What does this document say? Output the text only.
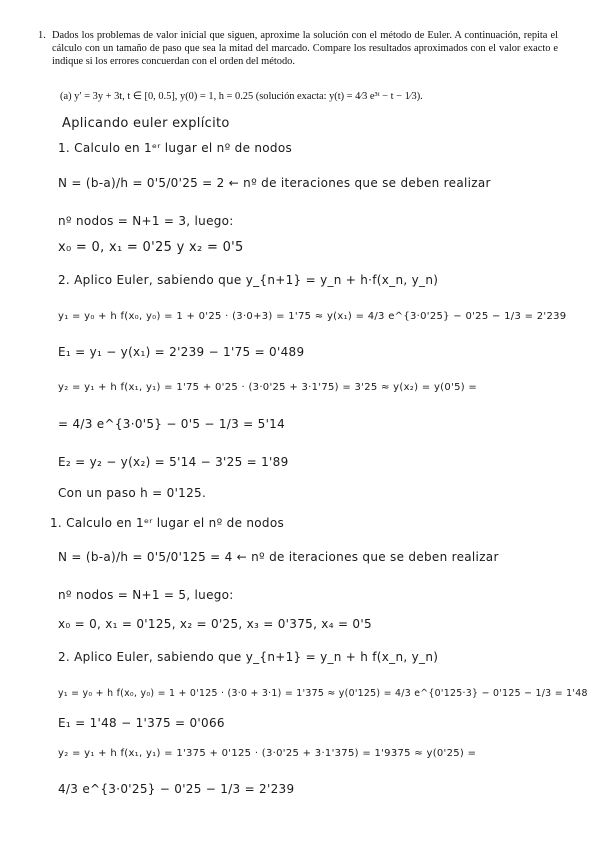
1. Dados los problemas de valor inicial que siguen, aproxime la solución con el método de Euler. A continuación, repita el cálculo con un tamaño de paso que sea la mitad del marcado. Compare los resultados aproximados con el valor exacto e indique si los errores concuerdan con el orden del método.
(a) y′ = 3y + 3t, t ∈ [0, 0.5], y(0) = 1, h = 0.25 (solución exacta: y(t) = 4⁄3 e³ᵗ − t − 1⁄3).
Aplicando euler explícito
1. Calculo en 1ᵉʳ lugar el nº de nodos
N = (b-a)/h = 0'5/0'25 = 2 ← nº de iteraciones que se deben realizar
nº nodos = N+1 = 3, luego:
x₀ = 0, x₁ = 0'25 y x₂ = 0'5
2. Aplico Euler, sabiendo que y_{n+1} = y_n + h·f(x_n, y_n)
y₁ = y₀ + h f(x₀, y₀) = 1 + 0'25 · (3·0+3) = 1'75 ≈ y(x₁) = 4/3 e^{3·0'25} − 0'25 − 1/3 = 2'239
E₁ = y₁ − y(x₁) = 2'239 − 1'75 = 0'489
y₂ = y₁ + h f(x₁, y₁) = 1'75 + 0'25 · (3·0'25 + 3·1'75) = 3'25 ≈ y(x₂) = y(0'5) =
= 4/3 e^{3·0'5} − 0'5 − 1/3 = 5'14
E₂ = y₂ − y(x₂) = 5'14 − 3'25 = 1'89
Con un paso h = 0'125.
1. Calculo en 1ᵉʳ lugar el nº de nodos
N = (b-a)/h = 0'5/0'125 = 4 ← nº de iteraciones que se deben realizar
nº nodos = N+1 = 5, luego:
x₀ = 0, x₁ = 0'125, x₂ = 0'25, x₃ = 0'375, x₄ = 0'5
2. Aplico Euler, sabiendo que y_{n+1} = y_n + h f(x_n, y_n)
y₁ = y₀ + h f(x₀, y₀) = 1 + 0'125 · (3·0 + 3·1) = 1'375 ≈ y(0'125) = 4/3 e^{0'125·3} − 0'125 − 1/3 = 1'48
E₁ = 1'48 − 1'375 = 0'066
y₂ = y₁ + h f(x₁, y₁) = 1'375 + 0'125 · (3·0'25 + 3·1'375) = 1'9375 ≈ y(0'25) =
4/3 e^{3·0'25} − 0'25 − 1/3 = 2'239
